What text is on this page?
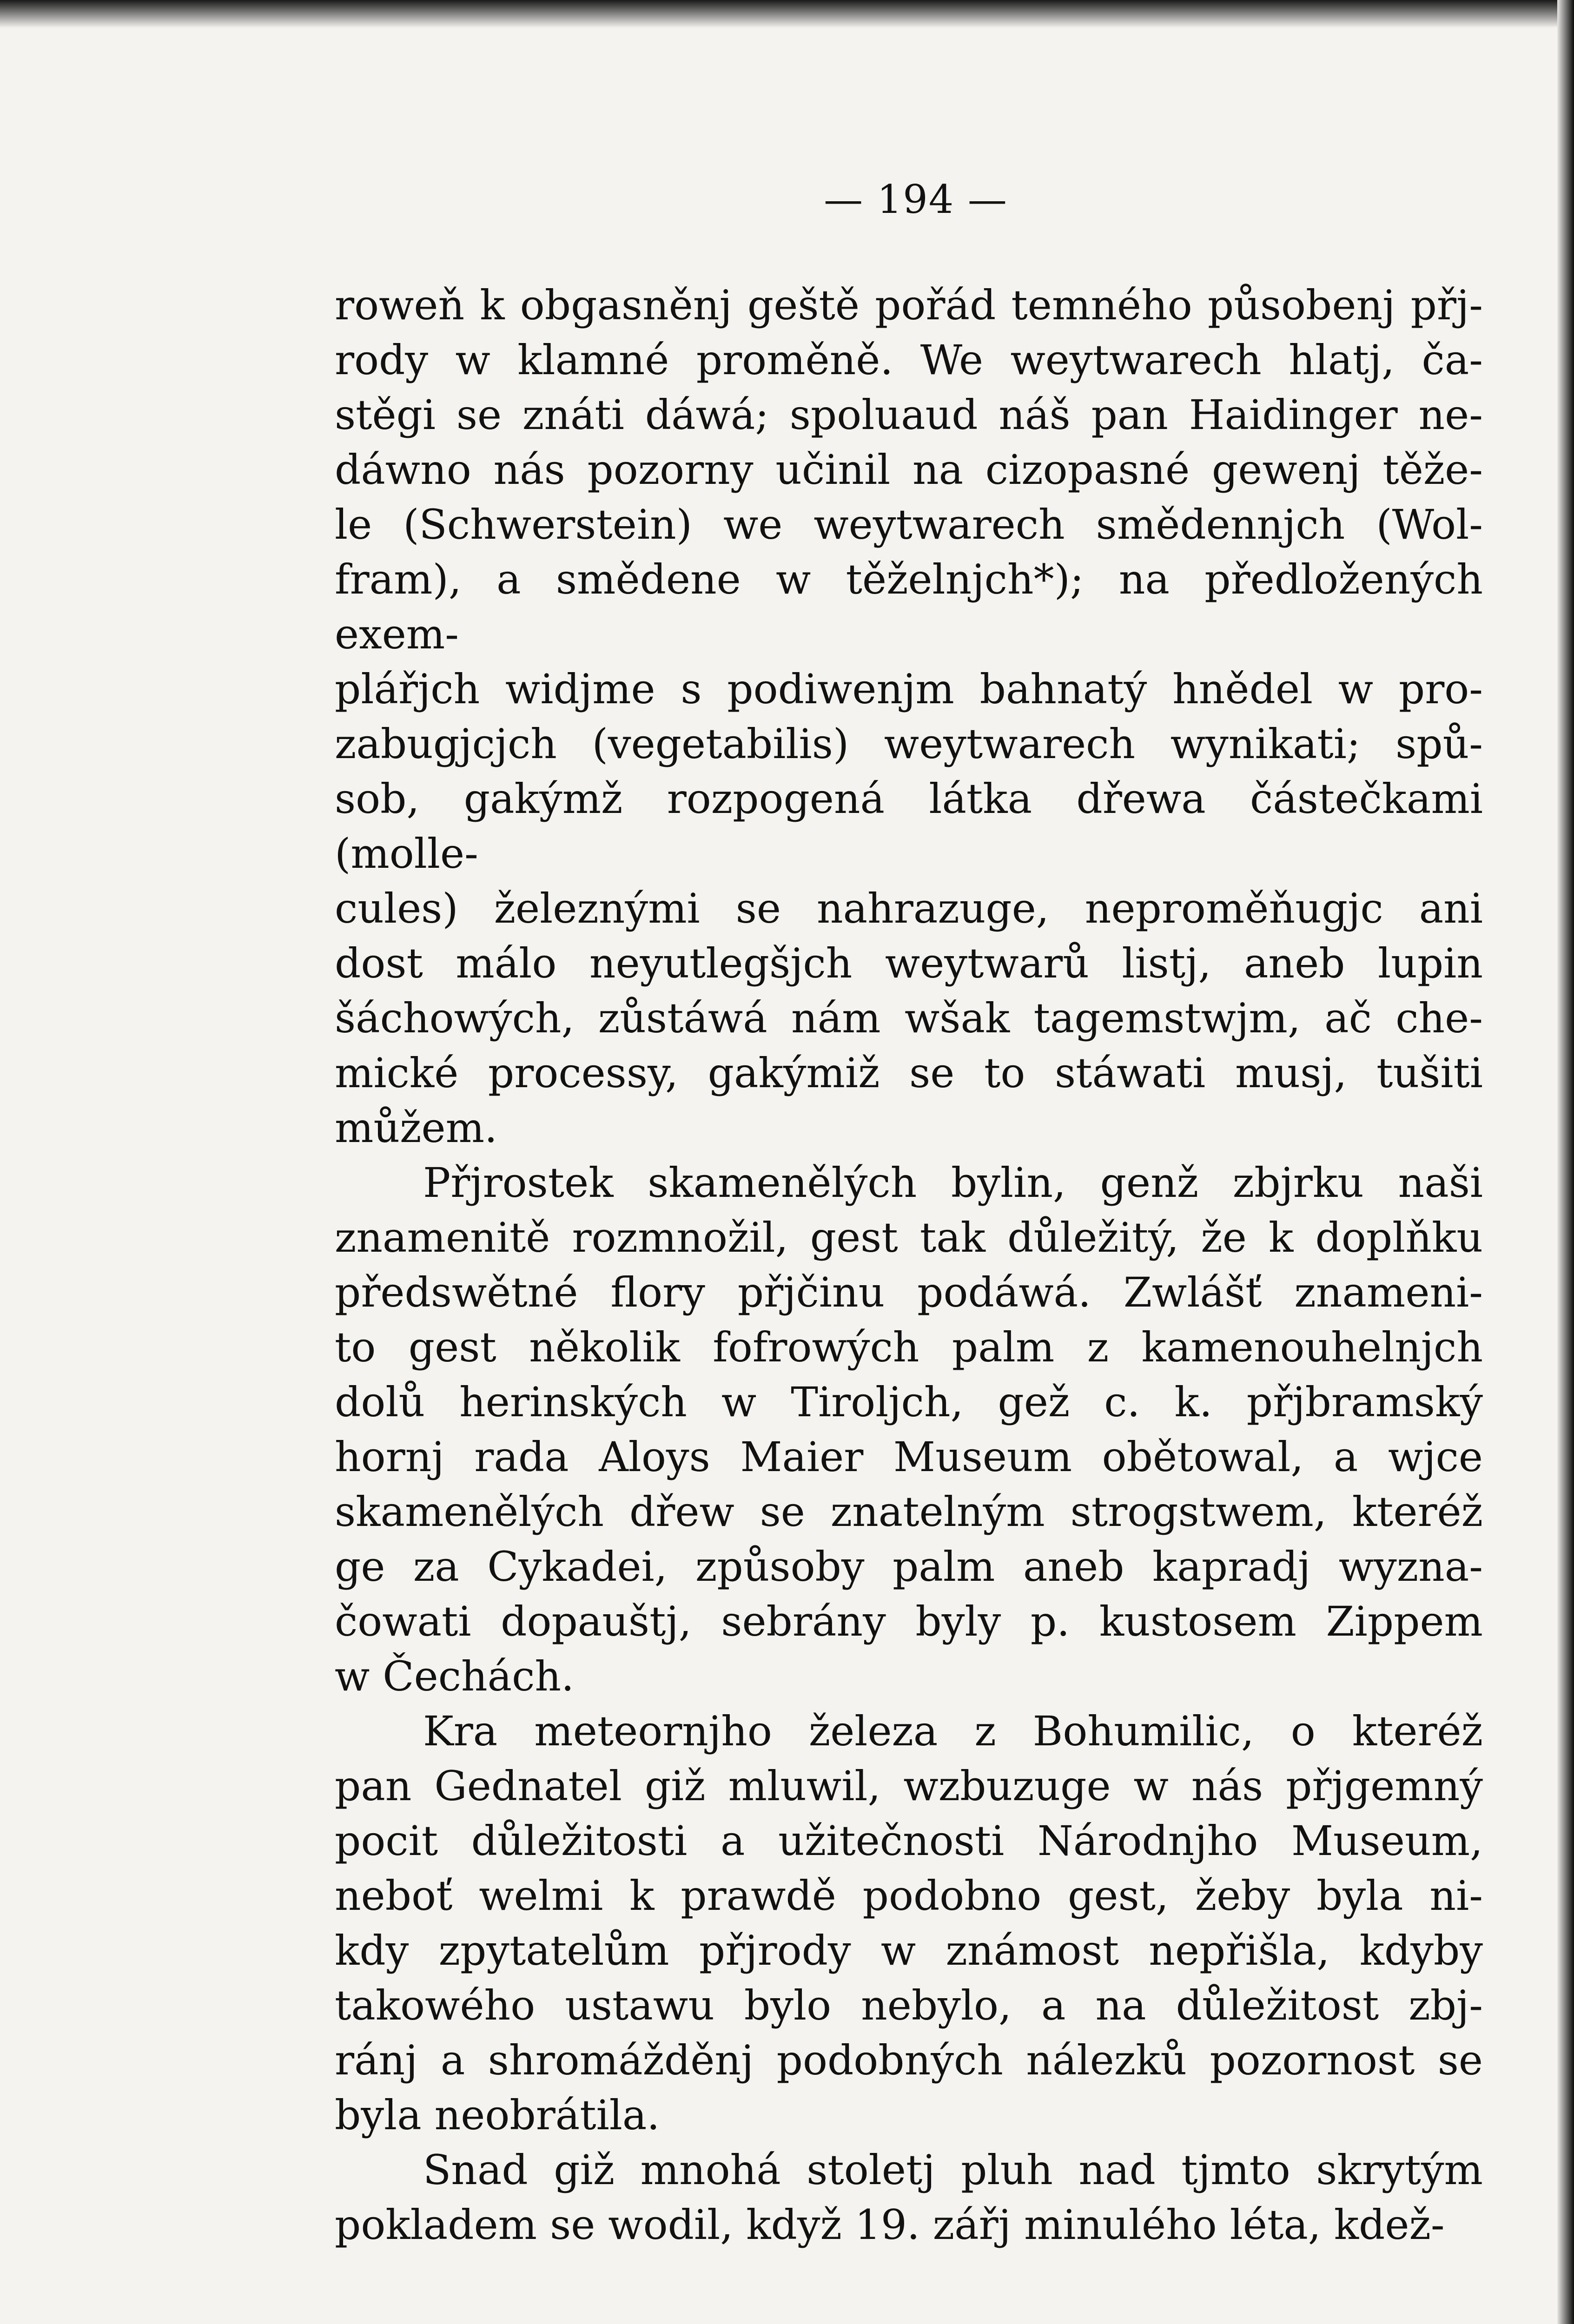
— 194 —
roweň k obgasněnj geště pořád temného působenj přj-
rody w klamné proměně. We weytwarech hlatj, ča-
stěgi se znáti dáwá; spoluaud náš pan Haidinger ne-
dáwno nás pozorny učinil na cizopasné gewenj těže-
le (Schwerstein) we weytwarech smědennjch (Wol-
fram), a smědene w těželnjch*); na předložených exem-
plářjch widjme s podiwenjm bahnatý hnědel w pro-
zabugjcjch (vegetabilis) weytwarech wynikati; spů-
sob, gakýmž rozpogená látka dřewa částečkami (molle-
cules) železnými se nahrazuge, neproměňugjc ani
dost málo neyutlegšjch weytwarů listj, aneb lupin
šáchowých, zůstáwá nám wšak tagemstwjm, ač che-
mické processy, gakýmiž se to stáwati musj, tušiti
můžem.
Přjrostek skamenělých bylin, genž zbjrku naši
znamenitě rozmnožil, gest tak důležitý, že k doplňku
předswětné flory přjčinu podáwá. Zwlášť znameni-
to gest několik fofrowých palm z kamenouhelnjch
dolů herinských w Tiroljch, gež c. k. přjbramský
hornj rada Aloys Maier Museum obětowal, a wjce
skamenělých dřew se znatelným strogstwem, kteréž
ge za Cykadei, způsoby palm aneb kapradj wyzna-
čowati dopauštj, sebrány byly p. kustosem Zippem
w Čechách.
Kra meteornjho železa z Bohumilic, o kteréž
pan Gednatel giž mluwil, wzbuzuge w nás přjgemný
pocit důležitosti a užitečnosti Národnjho Museum,
neboť welmi k prawdě podobno gest, žeby byla ni-
kdy zpytatelům přjrody w známost nepřišla, kdyby
takowého ustawu bylo nebylo, a na důležitost zbj-
ránj a shromážděnj podobných nálezků pozornost se
byla neobrátila.
Snad giž mnohá stoletj pluh nad tjmto skrytým
pokladem se wodil, když 19. zářj minulého léta, kdež-
